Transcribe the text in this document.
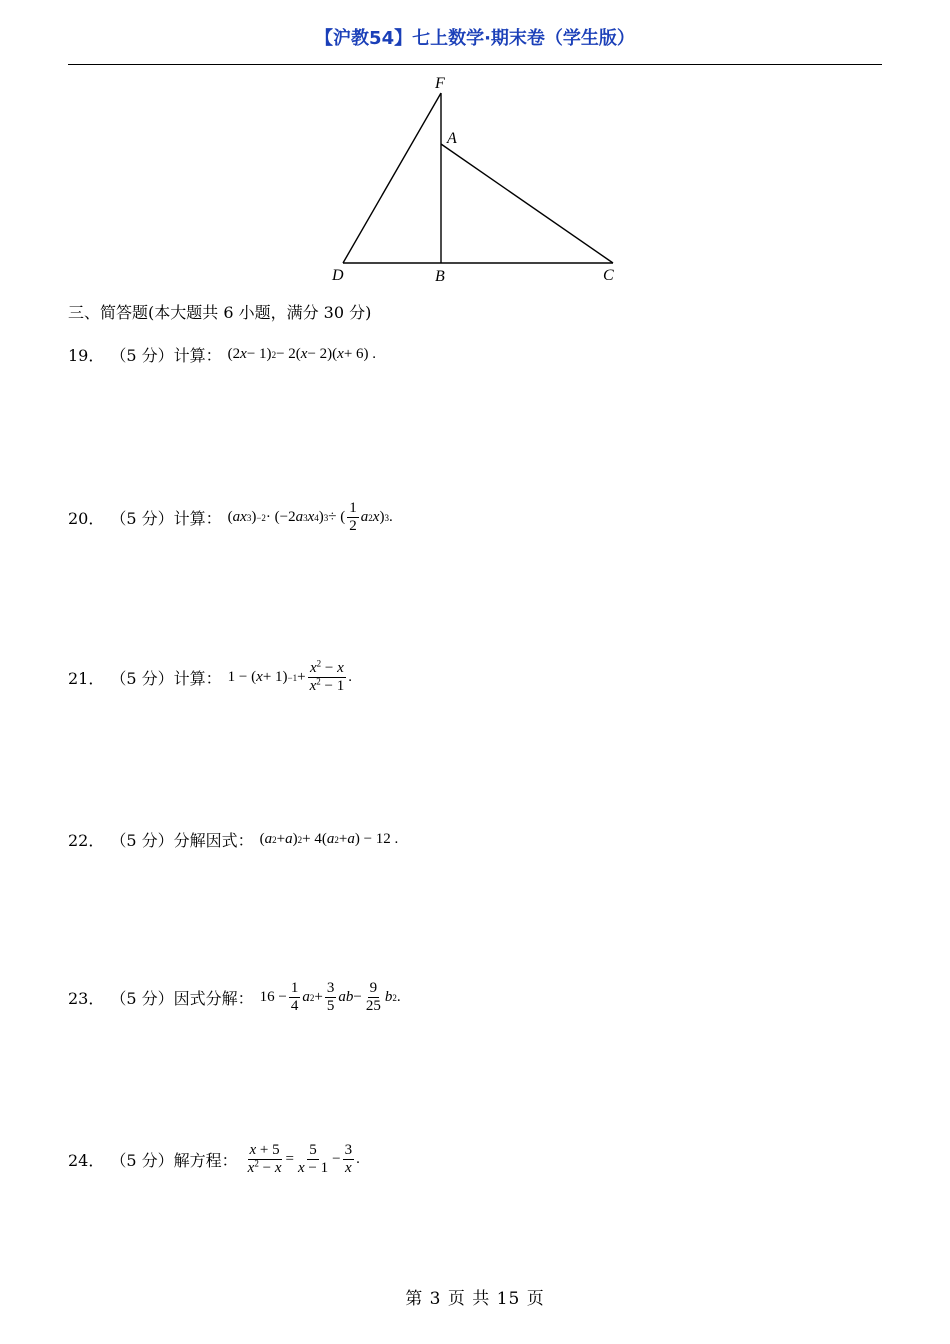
【沪教54】七上数学·期末卷（学生版）
F
A
D	B	C
三、简答题(本大题共 6 小题，满分 30 分)
19． （5 分） 计算： (2 x − 1) 2 − 2( x − 2)( x + 6) .
20． （5 分） 计算： ( ax 3 ) −2 · (−2 a 3 x 4 ) 3 ÷ ( $\frac{1}{2}$ a 2 x ) 3 .
21． （5 分） 计算： 1 − ( $x + 1) -1 + \frac{x^2 - x}{x^2 - 1}$ .
22． （5 分） 分解因式： ( a 2 + a ) 2 + 4( a 2 + a ) − 12 .
23． （5 分） 因式分解： $16 - \frac{1}{4}$ a $2 + \frac{3}{5}$ ab − $\frac{9}{25}$ b 2 .
24． （5 分） 解方程： $\frac{x + 5}{x^2 - x} = \frac{5}{x - 1} - \frac{3}{x}$ .
第 3 页 共 15 页
